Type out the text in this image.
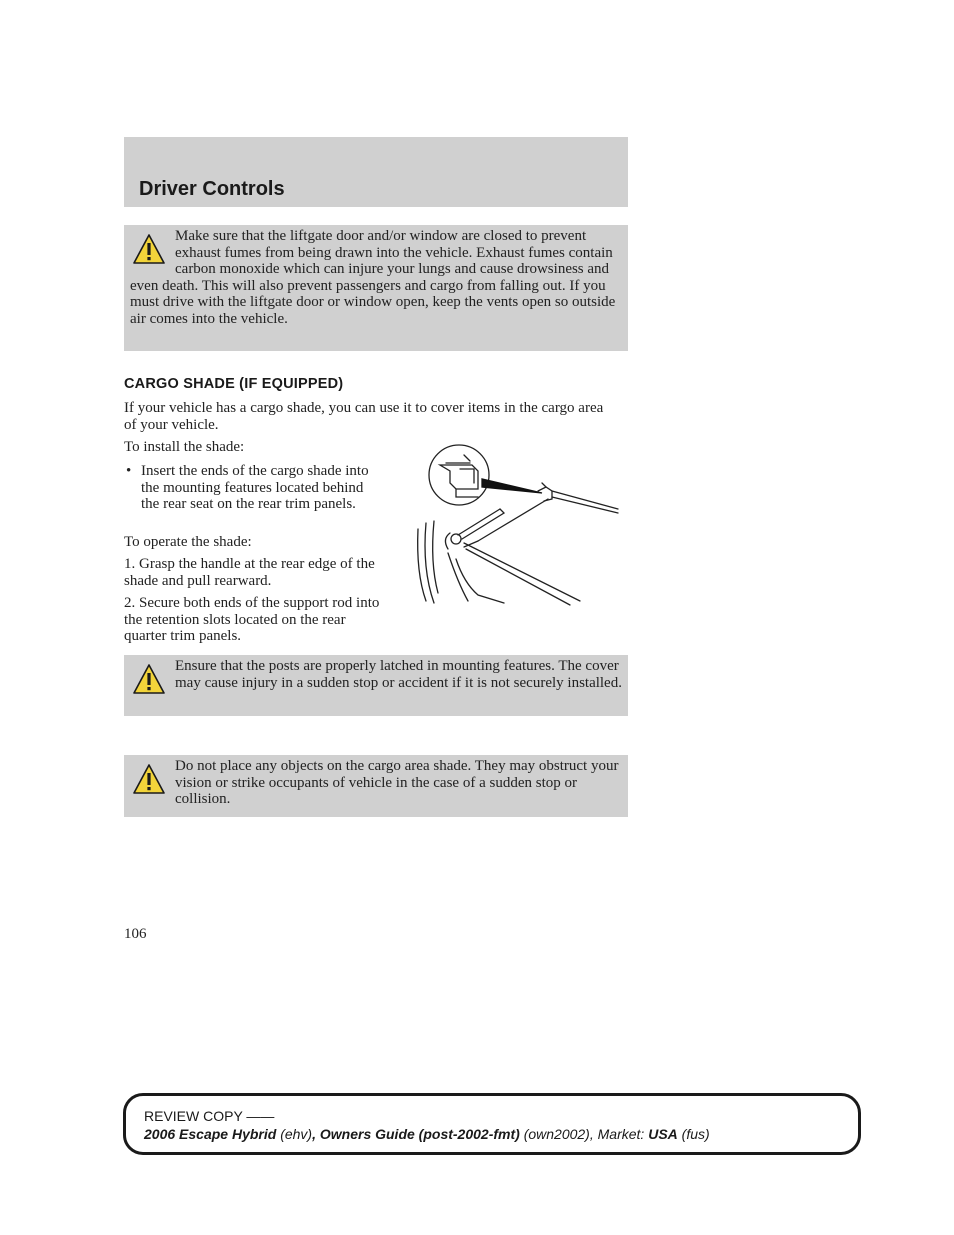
Driver Controls

Make sure that the liftgate door and/or window are closed to prevent exhaust fumes from being drawn into the vehicle. Exhaust fumes contain carbon monoxide which can injure your lungs and cause drowsiness and even death. This will also prevent passengers and cargo from falling out. If you must drive with the liftgate door or window open, keep the vents open so outside air comes into the vehicle.

CARGO SHADE (IF EQUIPPED)

If your vehicle has a cargo shade, you can use it to cover items in the cargo area of your vehicle.

To install the shade:

• Insert the ends of the cargo shade into the mounting features located behind the rear seat on the rear trim panels.

To operate the shade:

1. Grasp the handle at the rear edge of the shade and pull rearward.

2. Secure both ends of the support rod into the retention slots located on the rear quarter trim panels.

Ensure that the posts are properly latched in mounting features. The cover may cause injury in a sudden stop or accident if it is not securely installed.

Do not place any objects on the cargo area shade. They may obstruct your vision or strike occupants of vehicle in the case of a sudden stop or collision.

106
REVIEW COPY ——
2006 Escape Hybrid (ehv), Owners Guide (post-2002-fmt) (own2002), Market: USA (fus)
